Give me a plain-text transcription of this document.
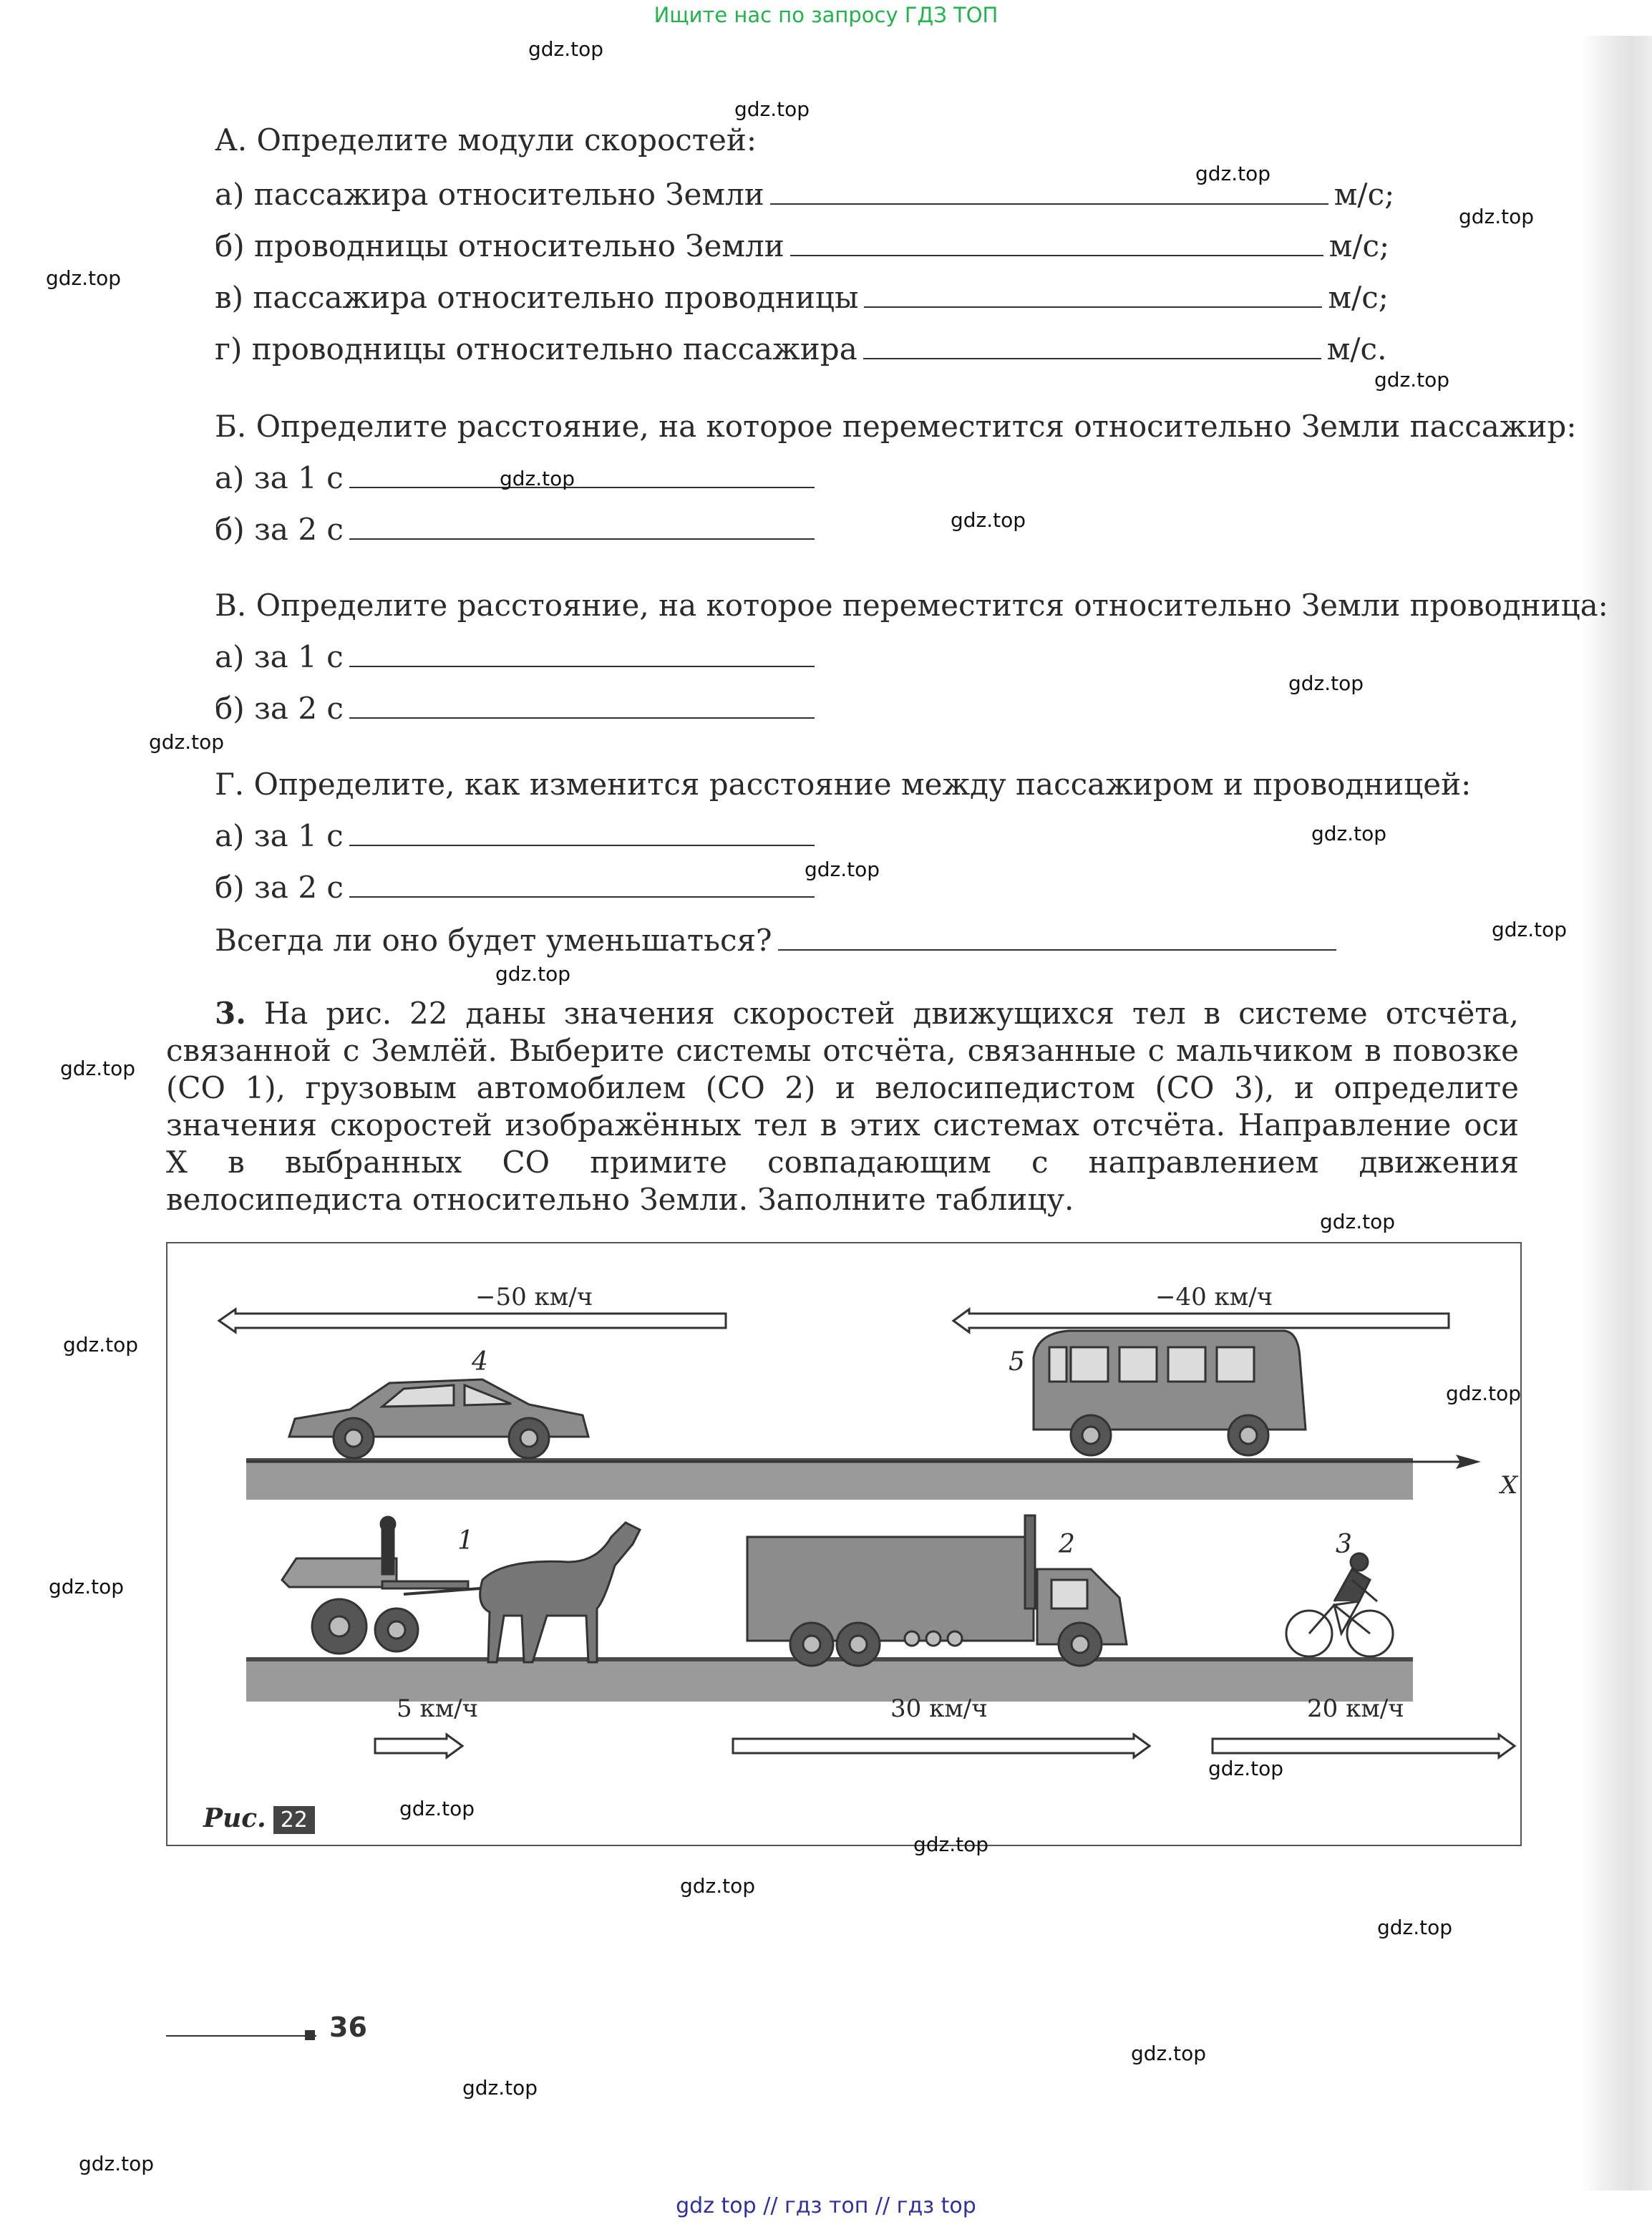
Ищите нас по запросу ГДЗ ТОП
А. Определите модули скоростей:
а) пассажира относительно Земли	м/с;
б) проводницы относительно Земли	м/с;
в) пассажира относительно проводницы	м/с;
г) проводницы относительно пассажира	м/с.
Б. Определите расстояние, на которое переместится относительно Земли пассажир:
а) за 1 с
б) за 2 с
В. Определите расстояние, на которое переместится относительно Земли проводница:
а) за 1 с
б) за 2 с
Г. Определите, как изменится расстояние между пассажиром и проводницей:
а) за 1 с
б) за 2 с
Всегда ли оно будет уменьшаться?
3. На рис. 22 даны значения скоростей движущихся тел в системе отсчёта, связанной с Землёй. Выберите системы отсчёта, связанные с мальчиком в повозке (СО 1), грузовым автомобилем (СО 2) и велосипедистом (СО 3), и определите значения скоростей изображённых тел в этих системах отсчёта. Направление оси X в выбранных СО примите совпадающим с направлением движения велосипедиста относительно Земли. Заполните таблицу.
−50 км/ч	−40 км/ч
4	5
X
1	2	3
5 км/ч	30 км/ч	20 км/ч
Рис. 22
36
gdz.top
gdz.top
gdz.top
gdz.top
gdz.top
gdz.top
gdz.top
gdz.top
gdz.top
gdz.top
gdz.top
gdz.top
gdz.top
gdz.top
gdz.top
gdz.top
gdz.top
gdz.top
gdz.top
gdz.top
gdz.top
gdz.top
gdz.top
gdz.top
gdz.top
gdz.top
gdz.top
gdz top // гдз топ // гдз top
